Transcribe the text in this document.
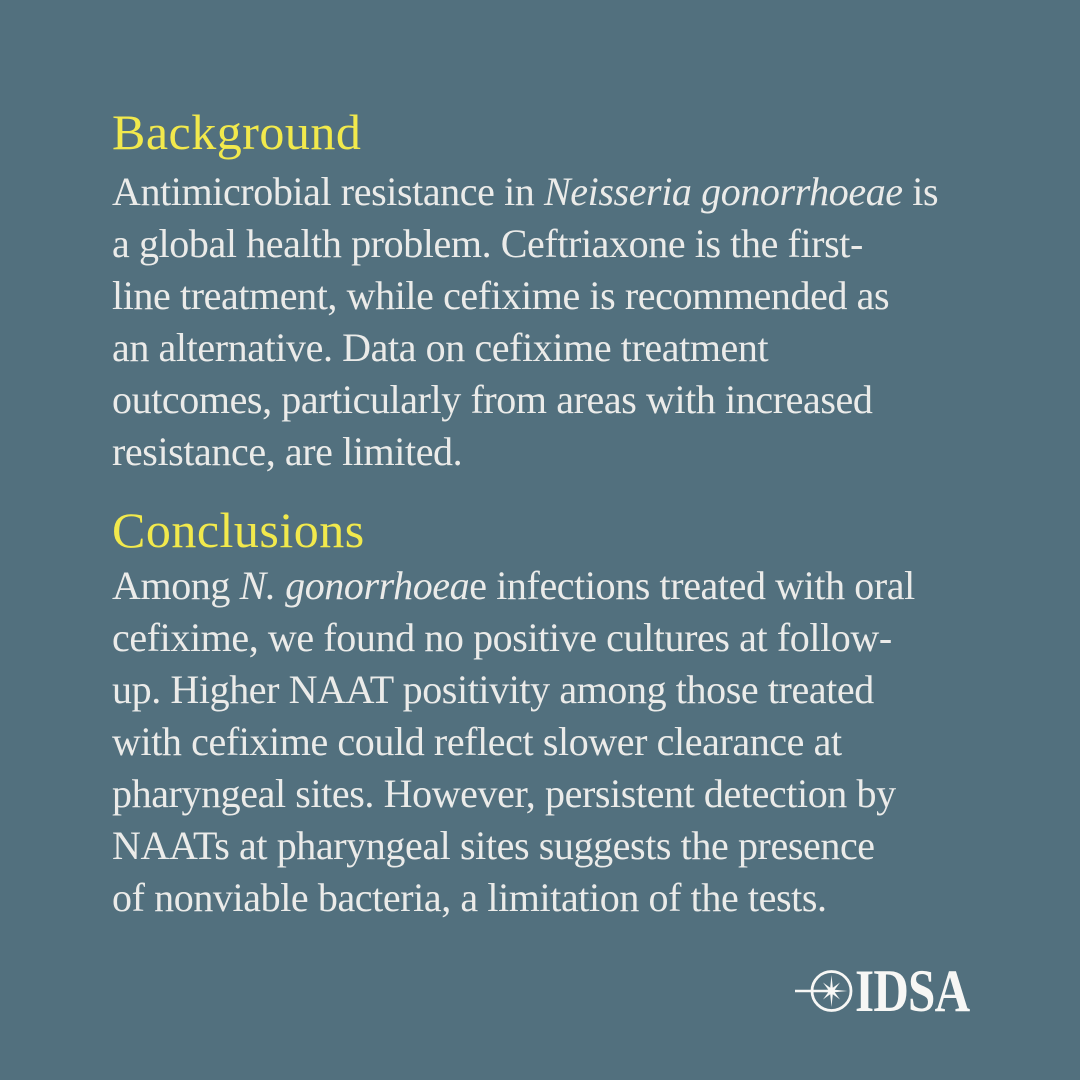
Background
Antimicrobial resistance in Neisseria gonorrhoeae is
a global health problem. Ceftriaxone is the first-
line treatment, while cefixime is recommended as
an alternative. Data on cefixime treatment
outcomes, particularly from areas with increased
resistance, are limited.
Conclusions
Among N. gonorrhoeae infections treated with oral
cefixime, we found no positive cultures at follow-
up. Higher NAAT positivity among those treated
with cefixime could reflect slower clearance at
pharyngeal sites. However, persistent detection by
NAATs at pharyngeal sites suggests the presence
of nonviable bacteria, a limitation of the tests.
IDSA
